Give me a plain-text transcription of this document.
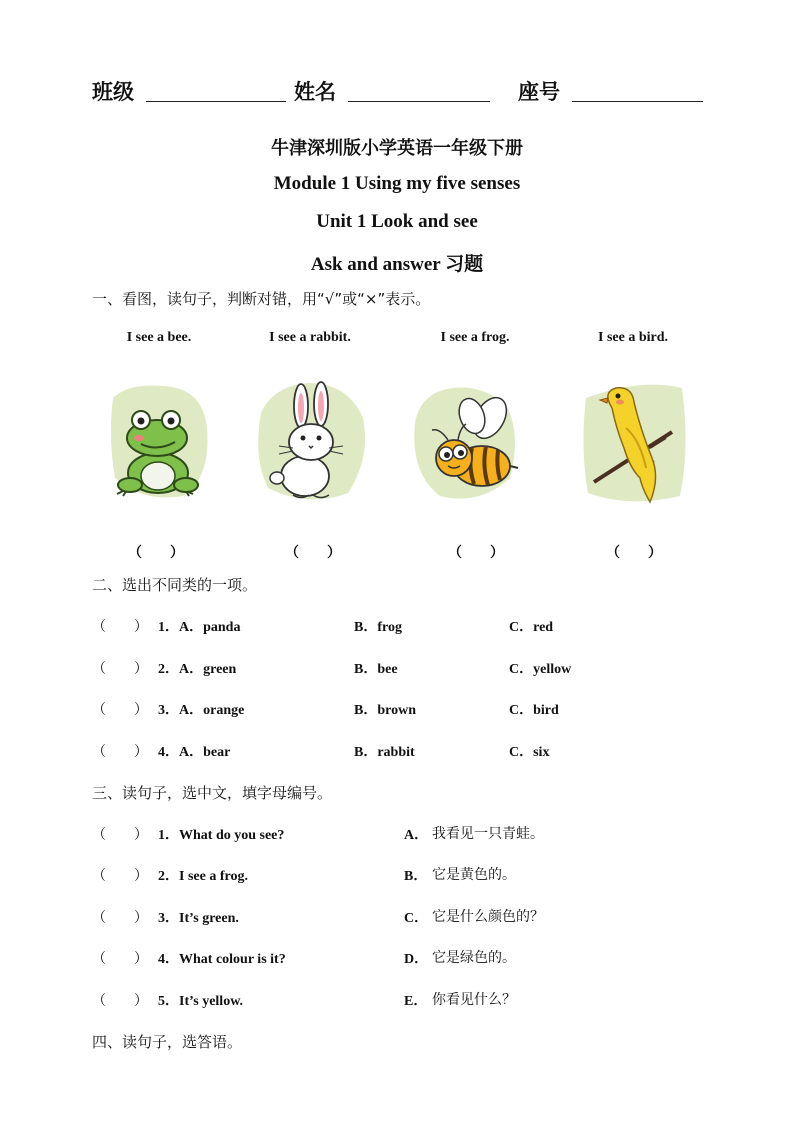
班级	姓名	座号
牛津深圳版小学英语一年级下册
Module 1 Using my five senses
Unit 1 Look and see
Ask and answer 习题
一、看图，读句子，判断对错，用“√”或“×”表示。
I see a bee.	I see a rabbit.	I see a frog.	I see a bird.
（　　）	（　　）	（　　）	（　　）
二、选出不同类的一项。
（　　） 1．A．panda	B．frog	C．red
（　　） 2．A．green	B．bee	C．yellow
（　　） 3．A．orange	B．brown	C．bird
（　　） 4．A．bear	B．rabbit	C．six
三、读句子，选中文，填字母编号。
（　　） 1．What do you see?	A． 我看见一只青蛙。
（　　） 2．I see a frog.	B． 它是黄色的。
（　　） 3．It’s green.	C． 它是什么颜色的？
（　　） 4．What colour is it?	D． 它是绿色的。
（　　） 5．It’s yellow.	E． 你看见什么？
四、读句子，选答语。
